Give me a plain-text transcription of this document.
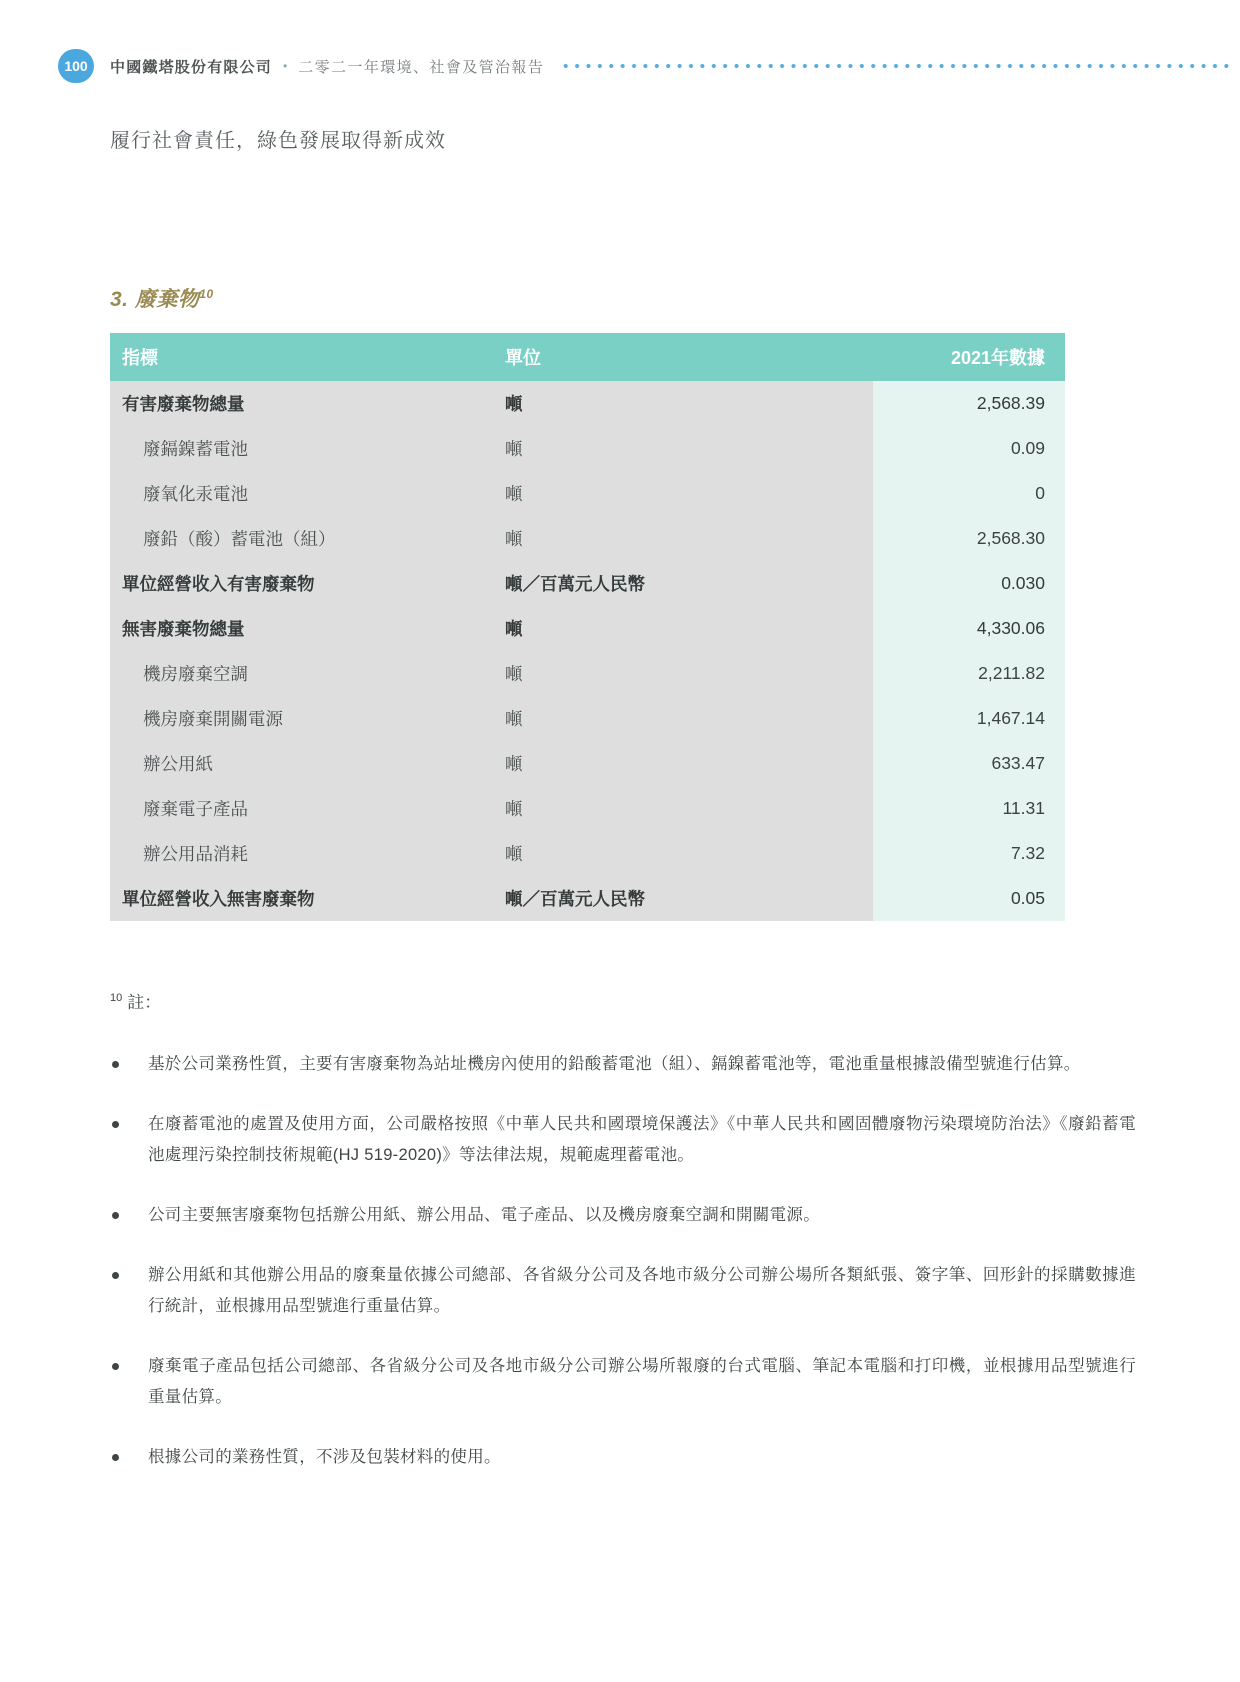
100 中國鐵塔股份有限公司 • 二零二一年環境、社會及管治報告
履行社會責任，綠色發展取得新成效
3. 廢棄物$^{10}$
指標	單位	2021年數據
有害廢棄物總量	噸	2,568.39
廢鎘鎳蓄電池	噸	0.09
廢氧化汞電池	噸	0
廢鉛（酸）蓄電池（組）	噸	2,568.30
單位經營收入有害廢棄物	噸／百萬元人民幣	0.030
無害廢棄物總量	噸	4,330.06
機房廢棄空調	噸	2,211.82
機房廢棄開關電源	噸	1,467.14
辦公用紙	噸	633.47
廢棄電子產品	噸	11.31
辦公用品消耗	噸	7.32
單位經營收入無害廢棄物	噸／百萬元人民幣	0.05
$^{10}$ 註：

基於公司業務性質，主要有害廢棄物為站址機房內使用的鉛酸蓄電池（組）、鎘鎳蓄電池等，電池重量根據設備型號進行估算。

在廢蓄電池的處置及使用方面，公司嚴格按照《中華人民共和國環境保護法》《中華人民共和國固體廢物污染環境防治法》《廢鉛蓄電池處理污染控制技術規範(HJ 519-2020)》等法律法規，規範處理蓄電池。

公司主要無害廢棄物包括辦公用紙、辦公用品、電子產品、以及機房廢棄空調和開關電源。

辦公用紙和其他辦公用品的廢棄量依據公司總部、各省級分公司及各地市級分公司辦公場所各類紙張、簽字筆、回形針的採購數據進行統計，並根據用品型號進行重量估算。

廢棄電子產品包括公司總部、各省級分公司及各地市級分公司辦公場所報廢的台式電腦、筆記本電腦和打印機，並根據用品型號進行重量估算。

根據公司的業務性質，不涉及包裝材料的使用。
